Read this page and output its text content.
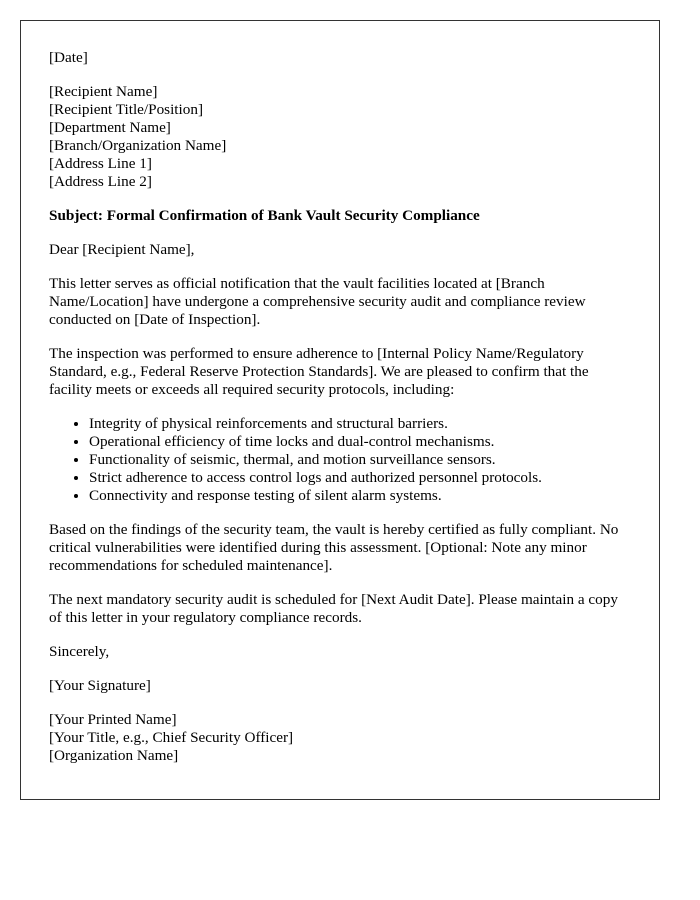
[Date]
[Recipient Name]
[Recipient Title/Position]
[Department Name]
[Branch/Organization Name]
[Address Line 1]
[Address Line 2]

Subject: Formal Confirmation of Bank Vault Security Compliance

Dear [Recipient Name],

This letter serves as official notification that the vault facilities located at [Branch Name/Location] have undergone a comprehensive security audit and compliance review conducted on [Date of Inspection].

The inspection was performed to ensure adherence to [Internal Policy Name/Regulatory Standard, e.g., Federal Reserve Protection Standards]. We are pleased to confirm that the facility meets or exceeds all required security protocols, including:

• Integrity of physical reinforcements and structural barriers.
• Operational efficiency of time locks and dual-control mechanisms.
• Functionality of seismic, thermal, and motion surveillance sensors.
• Strict adherence to access control logs and authorized personnel protocols.
• Connectivity and response testing of silent alarm systems.

Based on the findings of the security team, the vault is hereby certified as fully compliant. No critical vulnerabilities were identified during this assessment. [Optional: Note any minor recommendations for scheduled maintenance].

The next mandatory security audit is scheduled for [Next Audit Date]. Please maintain a copy of this letter in your regulatory compliance records.

Sincerely,

[Your Signature]

[Your Printed Name]
[Your Title, e.g., Chief Security Officer]
[Organization Name]
